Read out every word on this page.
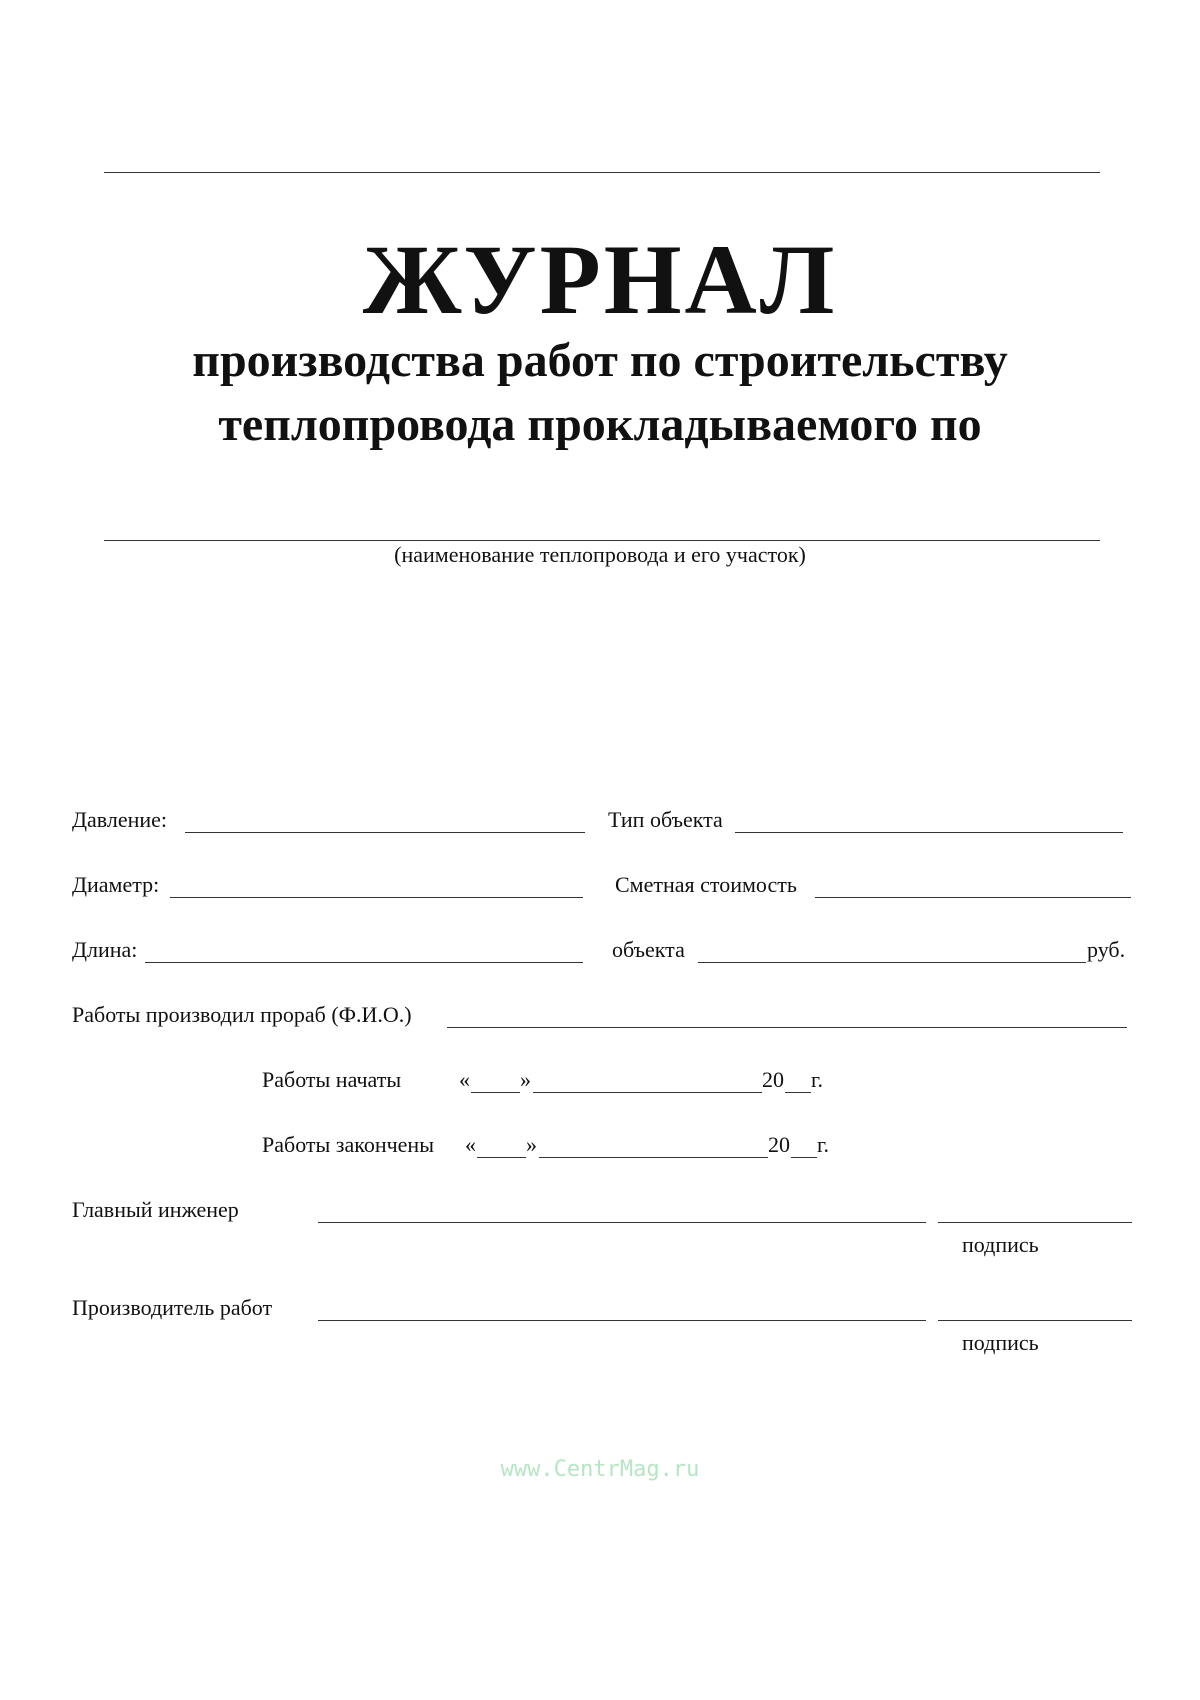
ЖУРНАЛ
производства работ по строительству
теплопровода прокладываемого по
(наименование теплопровода и его участок)
Давление:	Тип объекта
Диаметр:	Сметная стоимость
Длина:	объекта	руб.
Работы производил прораб (Ф.И.О.)
Работы начаты	« »	20 г.
Работы закончены « »	20 г.
Главный инженер
подпись
Производитель работ
подпись
www.CentrMag.ru
